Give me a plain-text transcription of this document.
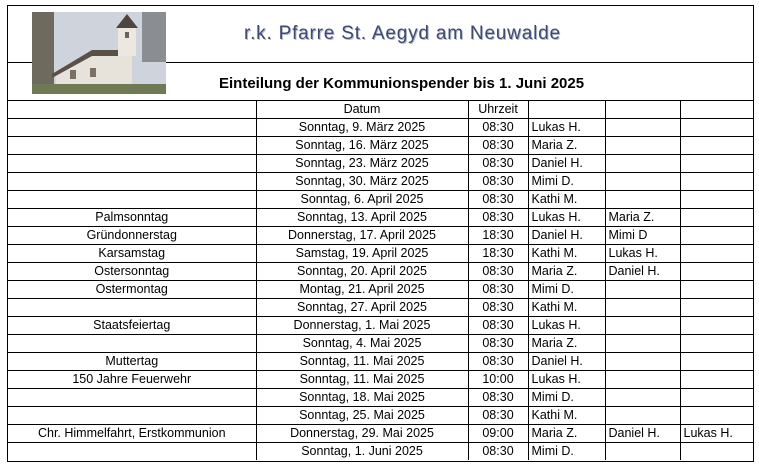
r.k. Pfarre St. Aegyd am Neuwalde
Einteilung der Kommunionspender bis 1. Juni 2025
	Datum	Uhrzeit			
	Sonntag, 9. März 2025	08:30	Lukas H.		
	Sonntag, 16. März 2025	08:30	Maria Z.		
	Sonntag, 23. März 2025	08:30	Daniel H.		
	Sonntag, 30. März 2025	08:30	Mimi D.		
	Sonntag, 6. April 2025	08:30	Kathi M.		
Palmsonntag	Sonntag, 13. April 2025	08:30	Lukas H.	Maria Z.	
Gründonnerstag	Donnerstag, 17. April 2025	18:30	Daniel H.	Mimi D	
Karsamstag	Samstag, 19. April 2025	18:30	Kathi M.	Lukas H.	
Ostersonntag	Sonntag, 20. April 2025	08:30	Maria Z.	Daniel H.	
Ostermontag	Montag, 21. April 2025	08:30	Mimi D.		
	Sonntag, 27. April 2025	08:30	Kathi M.		
Staatsfeiertag	Donnerstag, 1. Mai 2025	08:30	Lukas H.		
	Sonntag, 4. Mai 2025	08:30	Maria Z.		
Muttertag	Sonntag, 11. Mai 2025	08:30	Daniel H.		
150 Jahre Feuerwehr	Sonntag, 11. Mai 2025	10:00	Lukas H.		
	Sonntag, 18. Mai 2025	08:30	Mimi D.		
	Sonntag, 25. Mai 2025	08:30	Kathi M.		
Chr. Himmelfahrt, Erstkommunion	Donnerstag, 29. Mai 2025	09:00	Maria Z.	Daniel H.	Lukas H.
	Sonntag, 1. Juni 2025	08:30	Mimi D.		
